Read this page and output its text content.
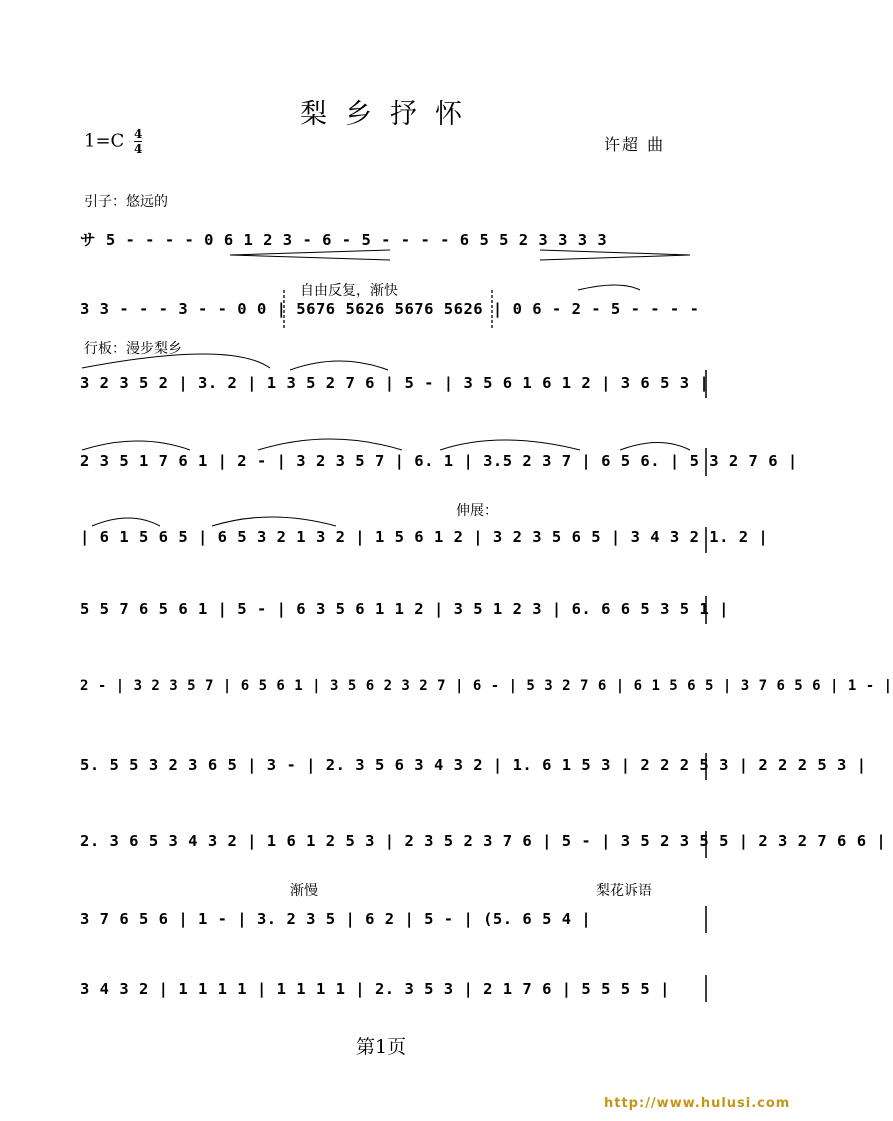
梨乡抒怀
$1=C \frac{4}{4}$	许超 曲
引子：悠远的
自由反复，渐快
行板：漫步梨乡
伸展：
渐慢	梨花诉语
サ 5 - - - - 0 6 1 2 3 - 6 - 5 - - - - 6 5 5 2 3 3 3 3
3 3 - - - 3 - - 0 0 | 5676 5626 5676 5626 | 0 6 - 2 - 5 - - - -
3 2 3 5 2 | 3. 2 | 1 3 5 2 7 6 | 5 - | 3 5 6 1 6 1 2 | 3 6 5 3 |
2 3 5 1 7 6 1 | 2 - | 3 2 3 5 7 | 6. 1 | 3.5 2 3 7 | 6 5 6. | 5 3 2 7 6 |
| 6 1 5 6 5 | 6 5 3 2 1 3 2 | 1 5 6 1 2 | 3 2 3 5 6 5 | 3 4 3 2 1. 2 |
5 5 7 6 5 6 1 | 5 - | 6 3 5 6 1 1 2 | 3 5 1 2 3 | 6. 6 6 5 3 5 1 |
2 - | 3 2 3 5 7 | 6 5 6 1 | 3 5 6 2 3 2 7 | 6 - | 5 3 2 7 6 | 6 1 5 6 5 | 3 7 6 5 6 | 1 - |
5. 5 5 3 2 3 6 5 | 3 - | 2. 3 5 6 3 4 3 2 | 1. 6 1 5 3 | 2 2 2 5 3 | 2 2 2 5 3 |
2. 3 6 5 3 4 3 2 | 1 6 1 2 5 3 | 2 3 5 2 3 7 6 | 5 - | 3 5 2 3 5 5 | 2 3 2 7 6 6 |
3 7 6 5 6 | 1 - | 3. 2 3 5 | 6 2 | 5 - | (5. 6 5 4 |
3 4 3 2 | 1 1 1 1 | 1 1 1 1 | 2. 3 5 3 | 2 1 7 6 | 5 5 5 5 |
第1页
http://www.hulusi.com
